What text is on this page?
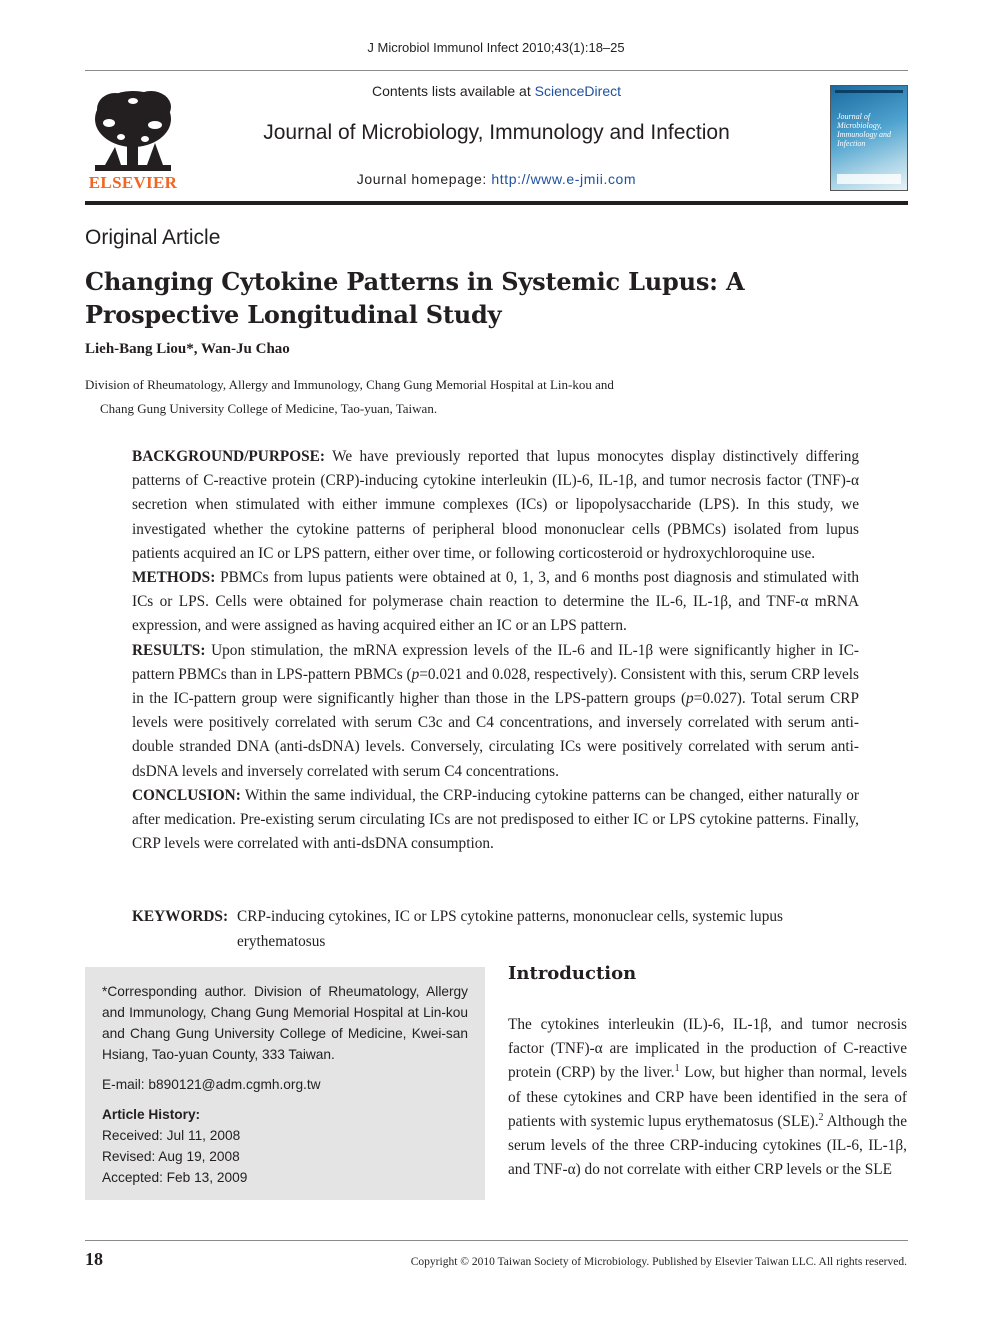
J Microbiol Immunol Infect 2010;43(1):18–25
ELSEVIER
Contents lists available at ScienceDirect
Journal of Microbiology, Immunology and Infection
Journal homepage: http://www.e-jmii.com
Journal of Microbiology, Immunology and Infection
Original Article
Changing Cytokine Patterns in Systemic Lupus: A Prospective Longitudinal Study
Lieh-Bang Liou*, Wan-Ju Chao
Division of Rheumatology, Allergy and Immunology, Chang Gung Memorial Hospital at Lin-kou and
Chang Gung University College of Medicine, Tao-yuan, Taiwan.

BACKGROUND/PURPOSE: We have previously reported that lupus monocytes display distinctively differing patterns of C-reactive protein (CRP)-inducing cytokine interleukin (IL)-6, IL-1β, and tumor necrosis factor (TNF)-α secretion when stimulated with either immune complexes (ICs) or lipopolysaccharide (LPS). In this study, we investigated whether the cytokine patterns of peripheral blood mononuclear cells (PBMCs) isolated from lupus patients acquired an IC or LPS pattern, either over time, or following corticosteroid or hydroxychloroquine use.

METHODS: PBMCs from lupus patients were obtained at 0, 1, 3, and 6 months post diagnosis and stimulated with ICs or LPS. Cells were obtained for polymerase chain reaction to determine the IL-6, IL-1β, and TNF-α mRNA expression, and were assigned as having acquired either an IC or an LPS pattern.

RESULTS: Upon stimulation, the mRNA expression levels of the IL-6 and IL-1β were significantly higher in IC-pattern PBMCs than in LPS-pattern PBMCs (p=0.021 and 0.028, respectively). Consistent with this, serum CRP levels in the IC-pattern group were significantly higher than those in the LPS-pattern groups (p=0.027). Total serum CRP levels were positively correlated with serum C3c and C4 concentrations, and inversely correlated with serum anti-double stranded DNA (anti-dsDNA) levels. Conversely, circulating ICs were positively correlated with serum anti-dsDNA levels and inversely correlated with serum C4 concentrations.

CONCLUSION: Within the same individual, the CRP-inducing cytokine patterns can be changed, either naturally or after medication. Pre-existing serum circulating ICs are not predisposed to either IC or LPS cytokine patterns. Finally, CRP levels were correlated with anti-dsDNA consumption.

KEYWORDS: CRP-inducing cytokines, IC or LPS cytokine patterns, mononuclear cells, systemic lupus erythematosus
*Corresponding author. Division of Rheumatology, Allergy and Immunology, Chang Gung Memorial Hospital at Lin-kou and Chang Gung University College of Medicine, Kwei-san Hsiang, Tao-yuan County, 333 Taiwan.
E-mail: b890121@adm.cgmh.org.tw
Article History:
Received: Jul 11, 2008
Revised: Aug 19, 2008
Accepted: Feb 13, 2009
Introduction
The cytokines interleukin (IL)-6, IL-1β, and tumor necrosis factor (TNF)-α are implicated in the production of C-reactive protein (CRP) by the liver.$^1$ Low, but higher than normal, levels of these cytokines and CRP have been identified in the sera of patients with systemic lupus erythematosus (SLE).$^2$ Although the serum levels of the three CRP-inducing cytokines (IL-6, IL-1β, and TNF-α) do not correlate with either CRP levels or the SLE
18	Copyright © 2010 Taiwan Society of Microbiology. Published by Elsevier Taiwan LLC. All rights reserved.
